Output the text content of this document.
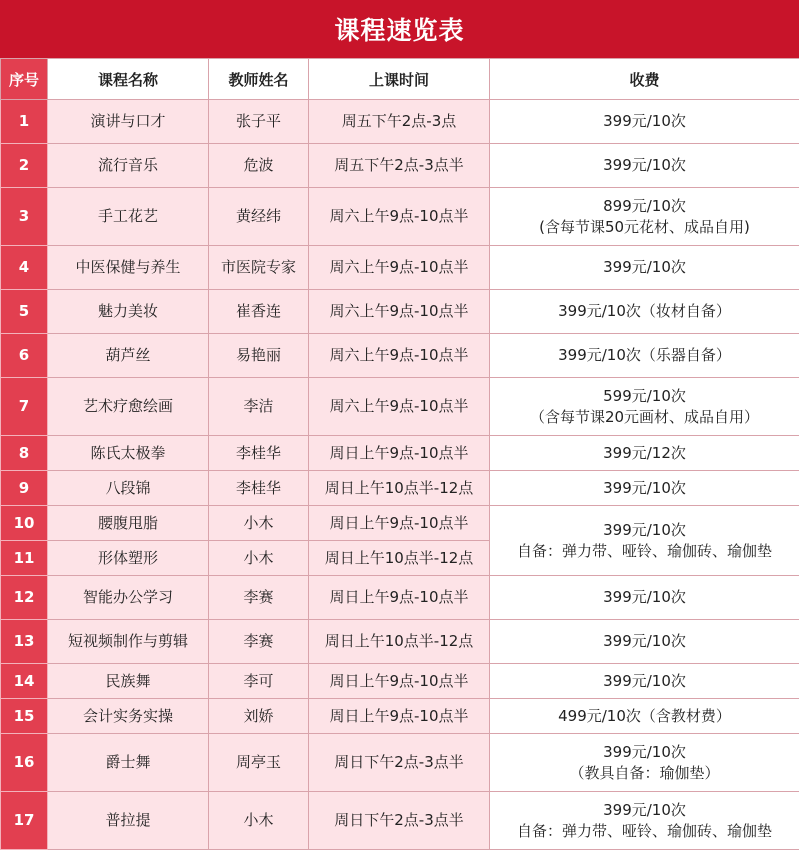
课程速览表
序号	课程名称	教师姓名	上课时间	收费
1	演讲与口才	张子平	周五下午2点-3点	399元/10次

2	流行音乐	危波	周五下午2点-3点半	399元/10次

3	手工花艺	黄经纬	周六上午9点-10点半	899元/10次
(含每节课50元花材、成品自用)

4	中医保健与养生	市医院专家	周六上午9点-10点半	399元/10次

5	魅力美妆	崔香连	周六上午9点-10点半	399元/10次（妆材自备）

6	葫芦丝	易艳丽	周六上午9点-10点半	399元/10次（乐器自备）

7	艺术疗愈绘画	李洁	周六上午9点-10点半	599元/10次
（含每节课20元画材、成品自用）

8	陈氏太极拳	李桂华	周日上午9点-10点半	399元/12次

9	八段锦	李桂华	周日上午10点半-12点	399元/10次

10	腰腹甩脂	小木	周日上午9点-10点半	399元/10次
自备：弹力带、哑铃、瑜伽砖、瑜伽垫

11	形体塑形	小木	周日上午10点半-12点	
12	智能办公学习	李赛	周日上午9点-10点半	399元/10次

13	短视频制作与剪辑	李赛	周日上午10点半-12点	399元/10次

14	民族舞	李可	周日上午9点-10点半	399元/10次

15	会计实务实操	刘娇	周日上午9点-10点半	499元/10次（含教材费）

16	爵士舞	周亭玉	周日下午2点-3点半	399元/10次
（教具自备：瑜伽垫）

17	普拉提	小木	周日下午2点-3点半	399元/10次
自备：弹力带、哑铃、瑜伽砖、瑜伽垫
